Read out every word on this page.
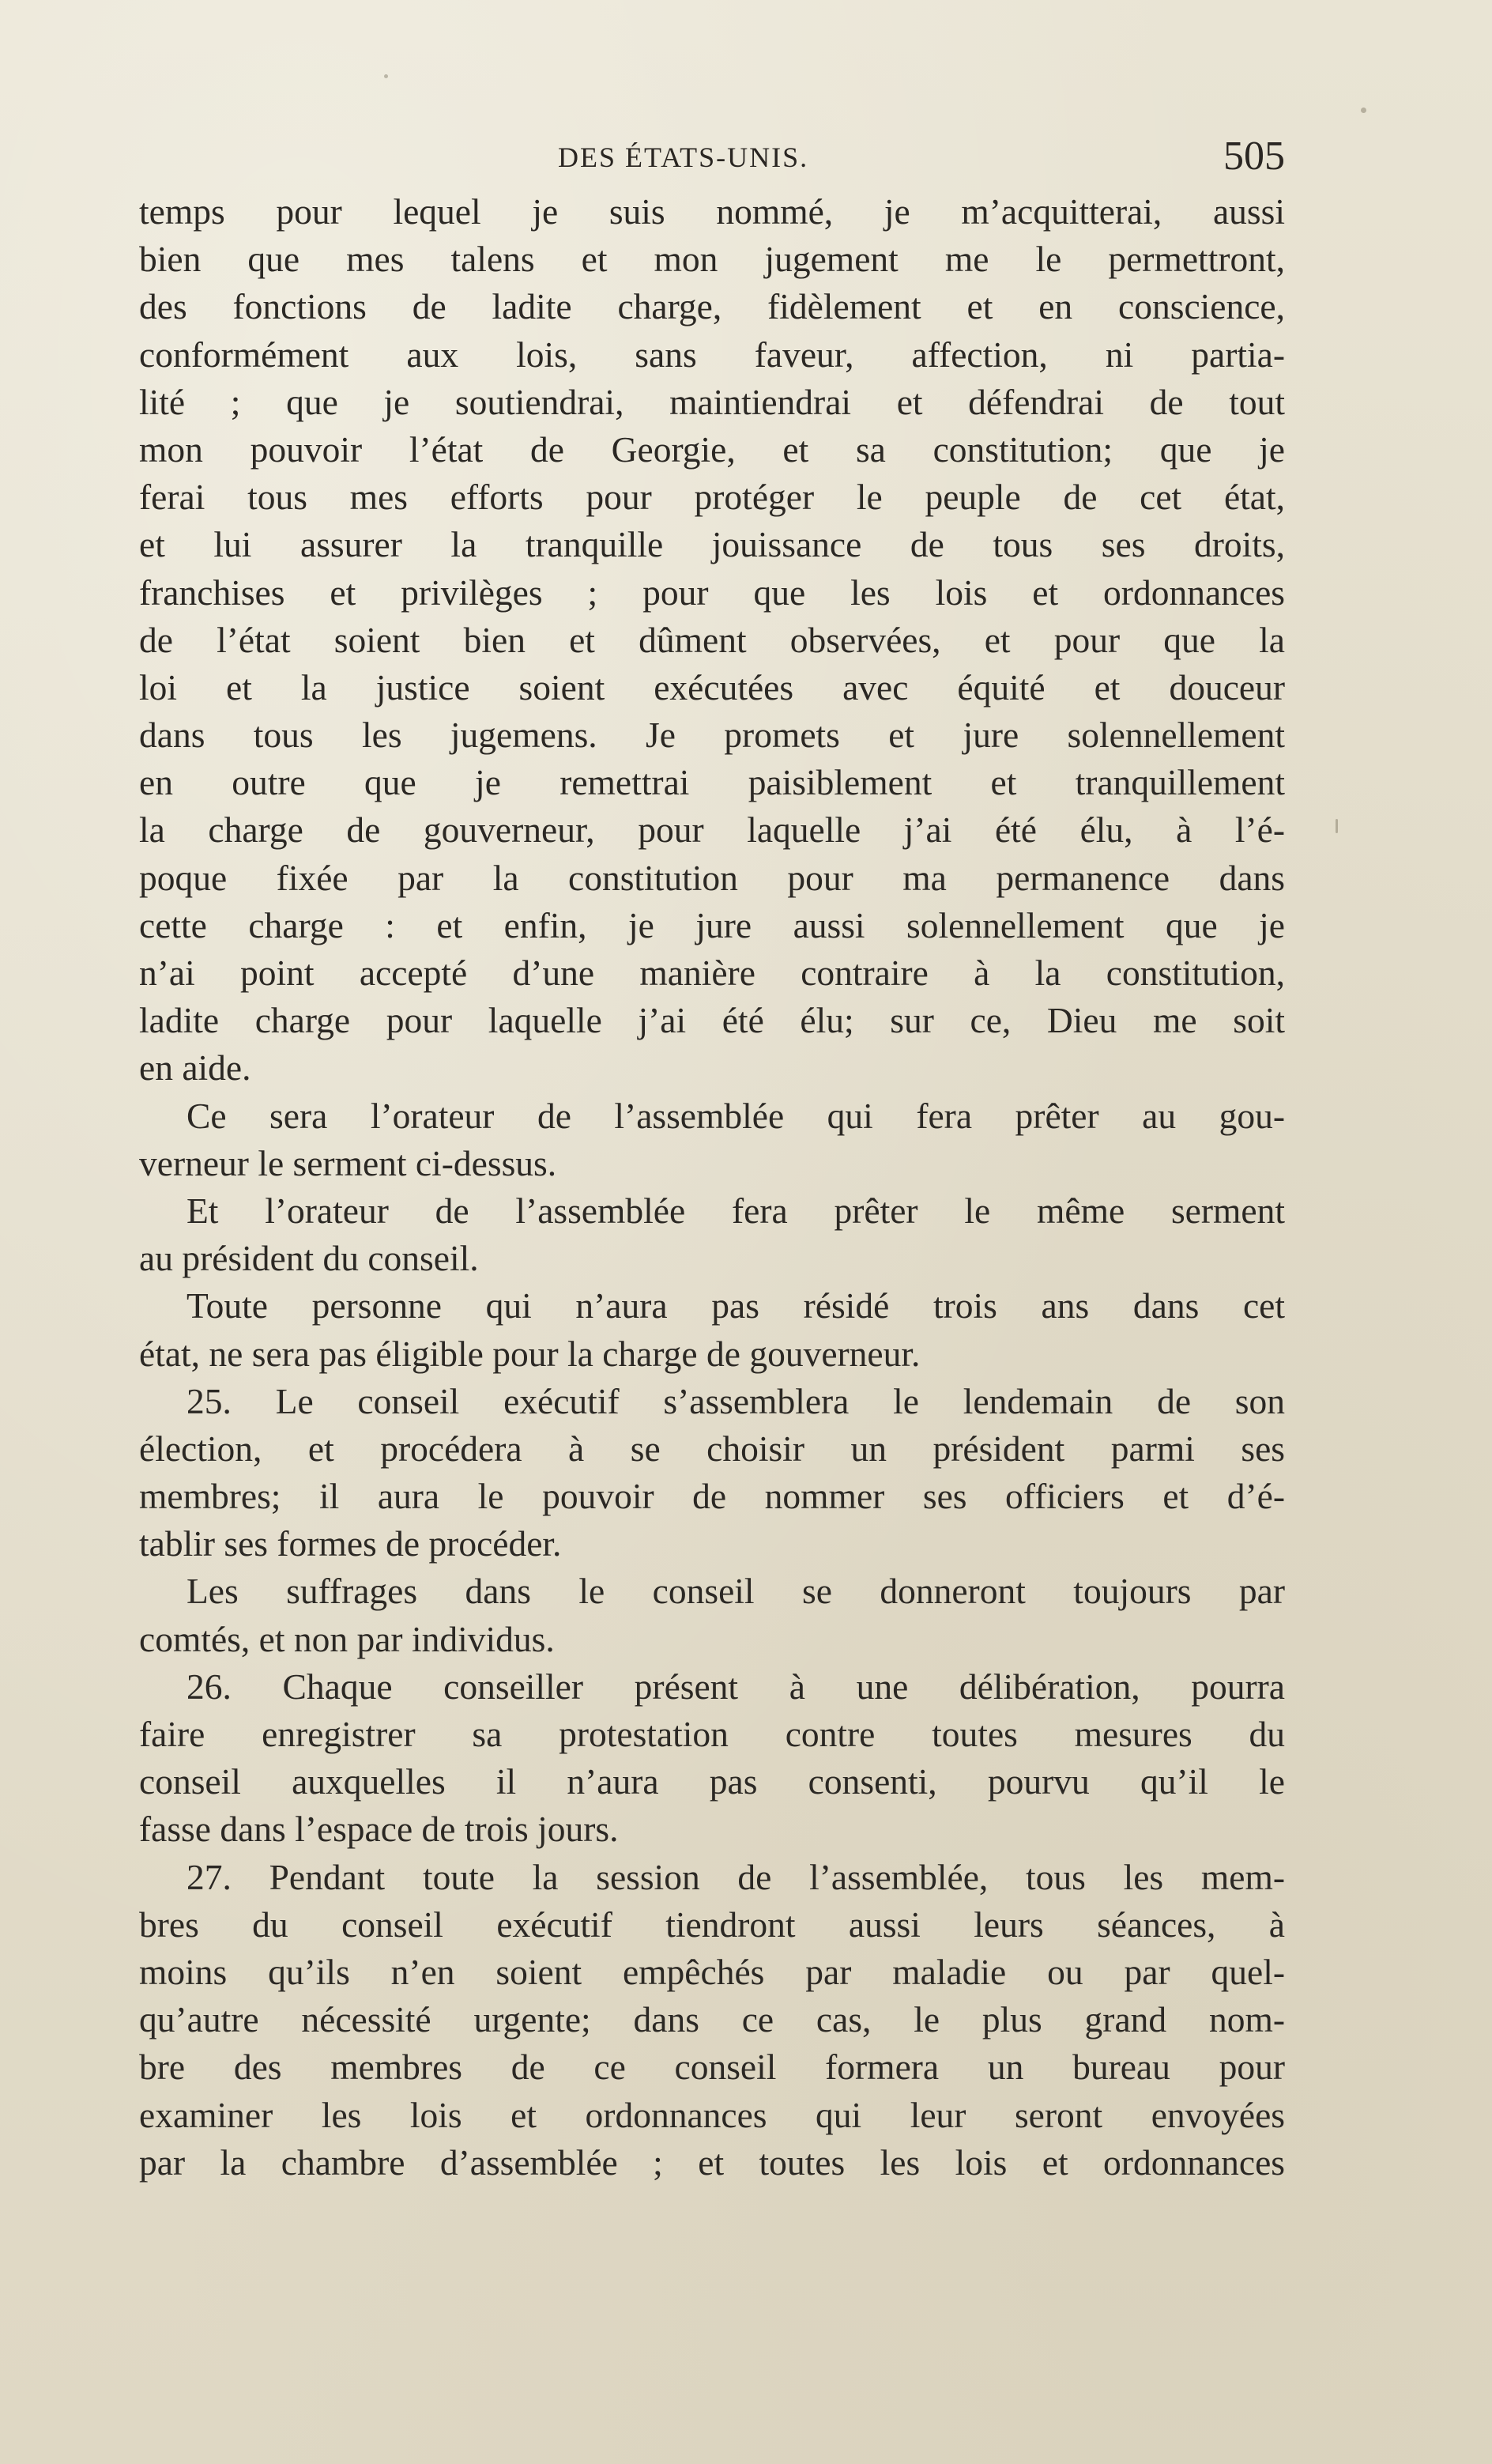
DES ÉTATS-UNIS.	505
temps pour lequel je suis nommé, je m’acquitterai, aussi
bien que mes talens et mon jugement me le permettront,
des fonctions de ladite charge, fidèlement et en conscience,
conformément aux lois, sans faveur, affection, ni partia-
lité ; que je soutiendrai, maintiendrai et défendrai de tout
mon pouvoir l’état de Georgie, et sa constitution; que je
ferai tous mes efforts pour protéger le peuple de cet état,
et lui assurer la tranquille jouissance de tous ses droits,
franchises et privilèges ; pour que les lois et ordonnances
de l’état soient bien et dûment observées, et pour que la
loi et la justice soient exécutées avec équité et douceur
dans tous les jugemens. Je promets et jure solennellement
en outre que je remettrai paisiblement et tranquillement
la charge de gouverneur, pour laquelle j’ai été élu, à l’é-
poque fixée par la constitution pour ma permanence dans
cette charge : et enfin, je jure aussi solennellement que je
n’ai point accepté d’une manière contraire à la constitution,
ladite charge pour laquelle j’ai été élu; sur ce, Dieu me soit
en aide.
Ce sera l’orateur de l’assemblée qui fera prêter au gou-
verneur le serment ci-dessus.
Et l’orateur de l’assemblée fera prêter le même serment
au président du conseil.
Toute personne qui n’aura pas résidé trois ans dans cet
état, ne sera pas éligible pour la charge de gouverneur.
25. Le conseil exécutif s’assemblera le lendemain de son
élection, et procédera à se choisir un président parmi ses
membres; il aura le pouvoir de nommer ses officiers et d’é-
tablir ses formes de procéder.
Les suffrages dans le conseil se donneront toujours par
comtés, et non par individus.
26. Chaque conseiller présent à une délibération, pourra
faire enregistrer sa protestation contre toutes mesures du
conseil auxquelles il n’aura pas consenti, pourvu qu’il le
fasse dans l’espace de trois jours.
27. Pendant toute la session de l’assemblée, tous les mem-
bres du conseil exécutif tiendront aussi leurs séances, à
moins qu’ils n’en soient empêchés par maladie ou par quel-
qu’autre nécessité urgente; dans ce cas, le plus grand nom-
bre des membres de ce conseil formera un bureau pour
examiner les lois et ordonnances qui leur seront envoyées
par la chambre d’assemblée ; et toutes les lois et ordonnances
